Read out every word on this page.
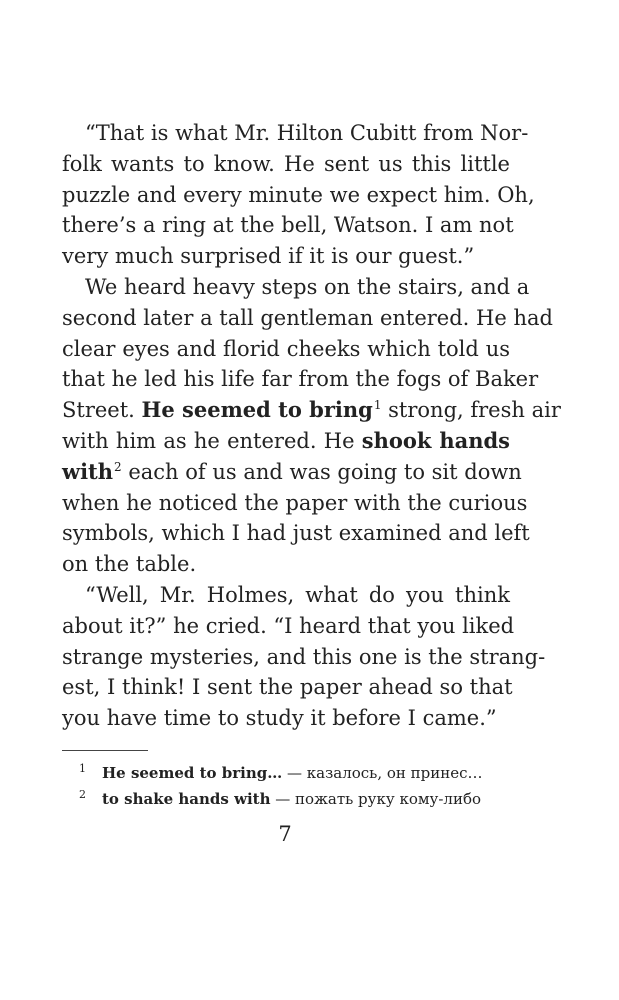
“That is what Mr. Hilton Cubitt from Nor-
folk wants to know. He sent us this little
puzzle and every minute we expect him. Oh,
there’s a ring at the bell, Watson. I am not
very much surprised if it is our guest.”
We heard heavy steps on the stairs, and a
second later a tall gentleman entered. He had
clear eyes and florid cheeks which told us
that he led his life far from the fogs of Baker
Street. He seemed to bring$^1$ strong, fresh air
with him as he entered. He shook hands
with$^2$ each of us and was going to sit down
when he noticed the paper with the curious
symbols, which I had just examined and left
on the table.
“Well, Mr. Holmes, what do you think
about it?” he cried. “I heard that you liked
strange mysteries, and this one is the strang-
est, I think! I sent the paper ahead so that
you have time to study it before I came.”
1 He seemed to bring… — казалось, он принес…
2 to shake hands with — пожать руку кому-либо
7
